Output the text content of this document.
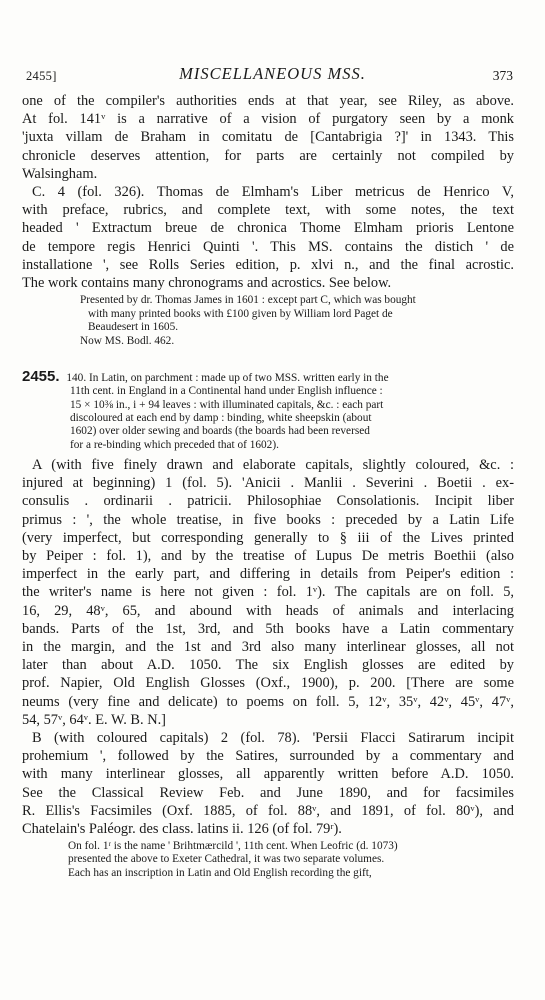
2455]	MISCELLANEOUS MSS.	373

one of the compiler's authorities ends at that year, see Riley, as above.
At fol. 141ᵛ is a narrative of a vision of purgatory seen by a monk
'juxta villam de Braham in comitatu de [Cantabrigia ?]' in 1343. This
chronicle deserves attention, for parts are certainly not compiled by
Walsingham.

C. 4 (fol. 326). Thomas de Elmham's Liber metricus de Henrico V,
with preface, rubrics, and complete text, with some notes, the text
headed ' Extractum breue de chronica Thome Elmham prioris Lentone
de tempore regis Henrici Quinti '. This MS. contains the distich ' de
installatione ', see Rolls Series edition, p. xlvi n., and the final acrostic.
The work contains many chronograms and acrostics. See below.

Presented by dr. Thomas James in 1601 : except part C, which was bought
with many printed books with £100 given by William lord Paget de
Beaudesert in 1605.
Now MS. Bodl. 462.
2455. 140. In Latin, on parchment : made up of two MSS. written early in the
11th cent. in England in a Continental hand under English influence :
15 × 10⅜ in., i + 94 leaves : with illuminated capitals, &c. : each part
discoloured at each end by damp : binding, white sheepskin (about
1602) over older sewing and boards (the boards had been reversed
for a re-binding which preceded that of 1602).

A (with five finely drawn and elaborate capitals, slightly coloured, &c. :
injured at beginning) 1 (fol. 5). 'Anicii . Manlii . Severini . Boetii . ex-
consulis . ordinarii . patricii. Philosophiae Consolationis. Incipit liber
primus : ', the whole treatise, in five books : preceded by a Latin Life
(very imperfect, but corresponding generally to § iii of the Lives printed
by Peiper : fol. 1), and by the treatise of Lupus De metris Boethii (also
imperfect in the early part, and differing in details from Peiper's edition :
the writer's name is here not given : fol. 1ᵛ). The capitals are on foll. 5,
16, 29, 48ᵛ, 65, and abound with heads of animals and interlacing
bands. Parts of the 1st, 3rd, and 5th books have a Latin commentary
in the margin, and the 1st and 3rd also many interlinear glosses, all not
later than about A.D. 1050. The six English glosses are edited by
prof. Napier, Old English Glosses (Oxf., 1900), p. 200. [There are some
neums (very fine and delicate) to poems on foll. 5, 12ᵛ, 35ᵛ, 42ᵛ, 45ᵛ, 47ᵛ,
54, 57ᵛ, 64ᵛ. E. W. B. N.]

B (with coloured capitals) 2 (fol. 78). 'Persii Flacci Satirarum incipit
prohemium ', followed by the Satires, surrounded by a commentary and
with many interlinear glosses, all apparently written before A.D. 1050.
See the Classical Review Feb. and June 1890, and for facsimiles
R. Ellis's Facsimiles (Oxf. 1885, of fol. 88ᵛ, and 1891, of fol. 80ᵛ), and
Chatelain's Paléogr. des class. latins ii. 126 (of fol. 79ʳ).

On fol. 1ʳ is the name ' Brihtmærcild ', 11th cent. When Leofric (d. 1073)
presented the above to Exeter Cathedral, it was two separate volumes.
Each has an inscription in Latin and Old English recording the gift,
